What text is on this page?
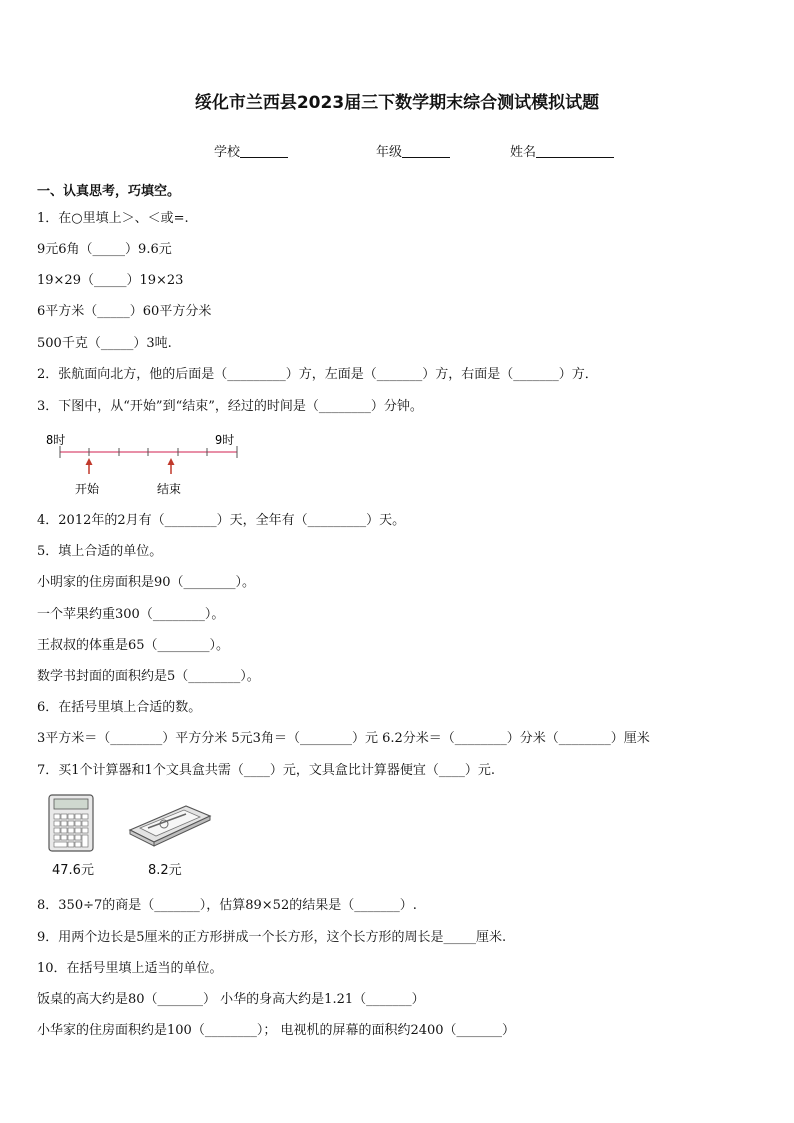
绥化市兰西县2023届三下数学期末综合测试模拟试题
学校	年级	姓名
一、认真思考，巧填空。
1．在○里填上＞、＜或=.
9元6角（_____）9.6元
19×29（_____）19×23
6平方米（_____）60平方分米
500千克（_____）3吨.
2．张航面向北方，他的后面是（_________）方，左面是（_______）方，右面是（_______）方．
3．下图中，从“开始”到“结束”，经过的时间是（________）分钟。
8时	9时
开始	结束
4．2012年的2月有（________）天，全年有（_________）天。
5．填上合适的单位。
小明家的住房面积是90（________）。
一个苹果约重300（________）。
王叔叔的体重是65（________）。
数学书封面的面积约是5（________）。
6．在括号里填上合适的数。
3平方米＝（________）平方分米 5元3角＝（________）元 6.2分米＝（________）分米（________）厘米
7．买1个计算器和1个文具盒共需（____）元，文具盒比计算器便宜（____）元.
47.6元	8.2元
8．350÷7的商是（_______），估算89×52的结果是（_______）.
9．用两个边长是5厘米的正方形拼成一个长方形，这个长方形的周长是_____厘米.
10．在括号里填上适当的单位。
饭桌的高大约是80（_______） 小华的身高大约是1.21（_______）
小华家的住房面积约是100（________）； 电视机的屏幕的面积约2400（_______）
